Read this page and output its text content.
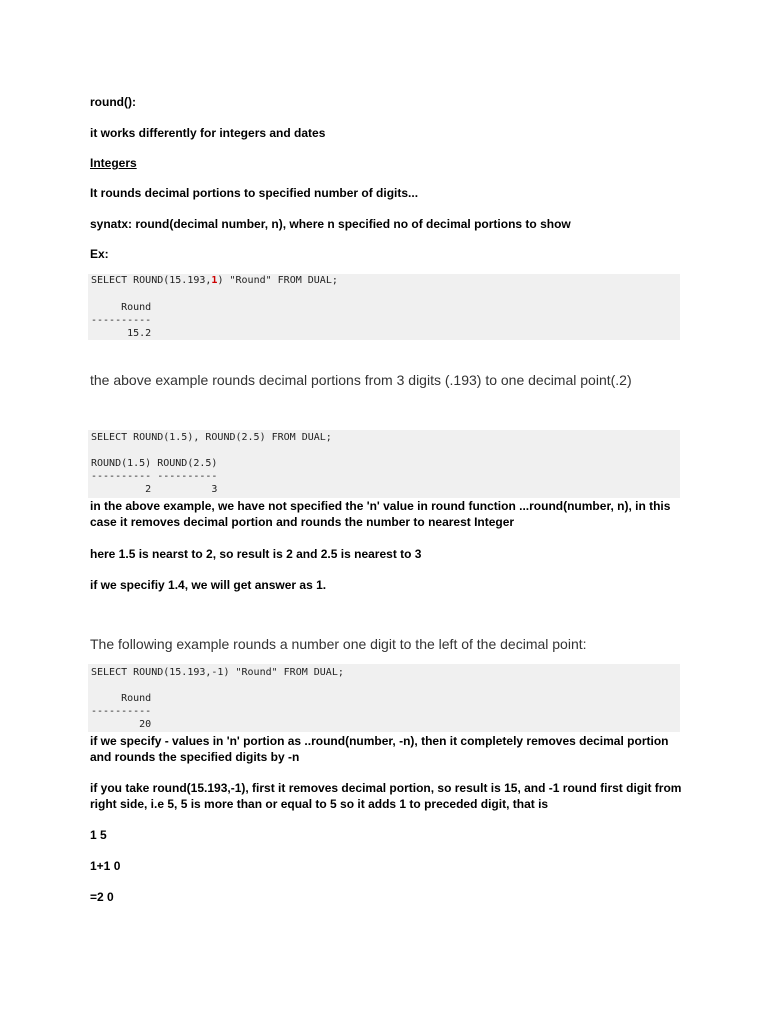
round():
it works differently for integers and dates
Integers
It rounds decimal portions to specified number of digits...
synatx: round(decimal number, n), where n specified no of decimal portions to show
Ex:
SELECT ROUND(15.193,1) "Round" FROM DUAL;
Round
----------
15.2
the above example rounds decimal portions from 3 digits (.193) to one decimal point(.2)
SELECT ROUND(1.5), ROUND(2.5) FROM DUAL;
ROUND(1.5) ROUND(2.5)
---------- ----------
2          3
in the above example, we have not specified the 'n' value in round function ...round(number, n), in this case it removes decimal portion and rounds the number to nearest Integer
here 1.5 is nearst to 2, so result is 2 and 2.5 is nearest to 3
if we specifiy 1.4, we will get answer as 1.
The following example rounds a number one digit to the left of the decimal point:
SELECT ROUND(15.193,-1) "Round" FROM DUAL;
Round
----------
20
if we specify - values in 'n' portion as ..round(number, -n), then it completely removes decimal portion and rounds the specified digits by -n
if you take round(15.193,-1), first it removes decimal portion, so result is 15, and -1 round first digit from right side, i.e 5, 5 is more than or equal to 5 so it adds 1 to preceded digit, that is
1 5
1+1 0
=2 0
